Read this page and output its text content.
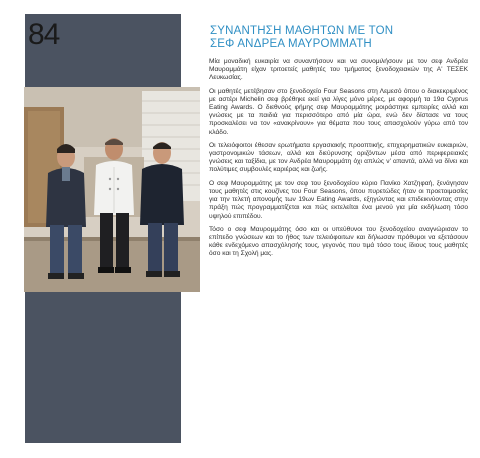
84	ΣΥΝΑΝΤΗΣΗ ΜΑΘΗΤΩΝ ΜΕ ΤΟΝ
ΣΕΦ ΑΝΔΡΕΑ ΜΑΥΡΟΜΜΑΤΗ

Μία μοναδική ευκαιρία να συναντήσουν και να συνομιλήσουν με τον σεφ Ανδρέα Μαυρομμάτη είχαν τριτοετείς μαθητές του τμήματος ξενοδοχειακών της Α' ΤΕΣΕΚ Λευκωσίας.

Οι μαθητές μετέβησαν στο ξενοδοχείο Four Seasons στη Λεμεσό όπου ο διακεκριμένος με αστέρι Michelin σεφ βρέθηκε εκεί για λίγες μόνο μέρες, με αφορμή τα 19α Cyprus Eating Awards. Ο διεθνούς φήμης σεφ Μαυρομμάτης μοιράστηκε εμπειρίες αλλά και γνώσεις με τα παιδιά για περισσότερο από μία ώρα, ενώ δεν δίστασε να τους προσκαλέσει να τον «ανακρίνουν» για θέματα που τους απασχολούν γύρω από τον κλάδο.

Οι τελειόφοιτοι έθεσαν ερωτήματα εργασιακής προοπτικής, επιχειρηματικών ευκαιριών, γαστρονομικών τάσεων, αλλά και διεύρυνσης οριζόντων μέσα από περιφερειακές γνώσεις και ταξίδια, με τον Ανδρέα Μαυρομμάτη όχι απλώς ν' απαντά, αλλά να δίνει και πολύτιμες συμβουλές καριέρας και ζωής.

Ο σεφ Μαυρομμάτης με τον σεφ του ξενοδοχείου κύριο Πανίκο Χατζηφαή, ξενάγησαν τους μαθητές στις κουζίνες του Four Seasons, όπου πυρετώδες ήταν οι προετοιμασίες για την τελετή απονομής των 19ων Eating Awards, εξηγώντας και επιδεικνύοντας στην πράξη πώς προγραμματίζεται και πώς εκτελείται ένα μενού για μία εκδήλωση τόσο υψηλού επιπέδου.

Τόσο ο σεφ Μαυρομμάτης όσο και οι υπεύθυνοι του ξενοδοχείου αναγνώρισαν το επίπεδο γνώσεων και το ήθος των τελειόφοιτων και δήλωσαν πρόθυμοι να εξετάσουν κάθε ενδεχόμενο απασχόλησής τους, γεγονός που τιμά τόσο τους ίδιους τους μαθητές όσο και τη Σχολή μας.
